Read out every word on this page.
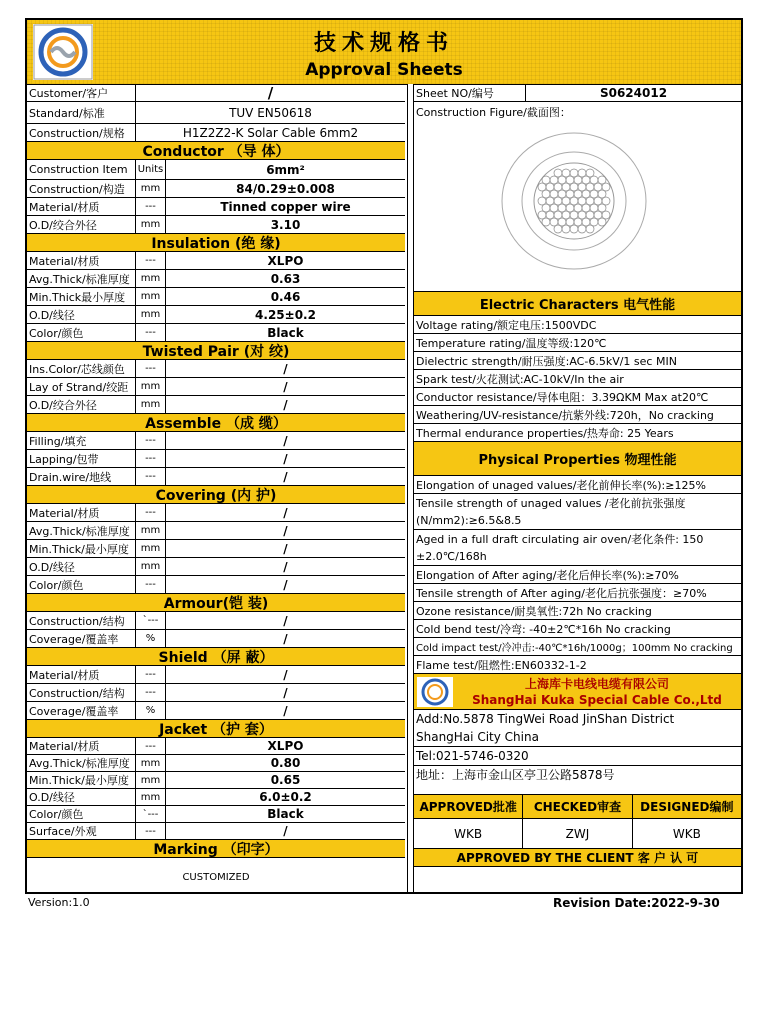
技术规格书
Approval Sheets
Customer/客户	/
Standard/标准	TUV EN50618
Construction/规格	H1Z2Z2-K Solar Cable 6mm2
Conductor （导 体）
Construction Item	Units	6mm²
Construction/构造	mm	84/0.29±0.008
Material/材质	---	Tinned copper wire
O.D/绞合外径	mm	3.10
Insulation (绝 缘)
Material/材质	---	XLPO
Avg.Thick/标准厚度	mm	0.63
Min.Thick最小厚度	mm	0.46
O.D/线径	mm	4.25±0.2
Color/颜色	---	Black
Twisted Pair (对 绞)
Ins.Color/芯线颜色	---	/
Lay of Strand/绞距	mm	/
O.D/绞合外径	mm	/
Assemble （成 缆）
Filling/填充	---	/
Lapping/包带	---	/
Drain.wire/地线	---	/
Covering (内 护)
Material/材质	---	/
Avg.Thick/标准厚度	mm	/
Min.Thick/最小厚度	mm	/
O.D/线径	mm	/
Color/颜色	---	/
Armour(铠 装)
Construction/结构	`---	/
Coverage/覆盖率	%	/
Shield （屏 蔽）
Material/材质	---	/
Construction/结构	---	/
Coverage/覆盖率	%	/
Jacket （护 套）
Material/材质	---	XLPO
Avg.Thick/标准厚度	mm	0.80
Min.Thick/最小厚度	mm	0.65
O.D/线径	mm	6.0±0.2
Color/颜色	`---	Black
Surface/外观	---	/
Marking （印字）
CUSTOMIZED
Sheet NO/编号	S0624012
Construction Figure/截面图：
Electric Characters 电气性能
Voltage rating/额定电压:1500VDC
Temperature rating/温度等级:120℃
Dielectric strength/耐压强度:AC-6.5kV/1 sec MIN
Spark test/火花测试:AC-10kV/In the air
Conductor resistance/导体电阻：3.39ΩKM Max at20℃
Weathering/UV-resistance/抗紫外线:720h，No cracking
Thermal endurance properties/热寿命: 25 Years
Physical Properties 物理性能
Elongation of unaged values/老化前伸长率(%):≥125%
Tensile strength of unaged values /老化前抗张强度
(N/mm2):≥6.5&8.5
Aged in a full draft circulating air oven/老化条件: 150
±2.0℃/168h
Elongation of After aging/老化后伸长率(%):≥70%
Tensile strength of After aging/老化后抗张强度：≥70%
Ozone resistance/耐臭氧性:72h No cracking
Cold bend test/冷弯: -40±2℃*16h No cracking
Cold impact test/冷冲击:-40℃*16h/1000g；100mm No cracking
Flame test/阻燃性:EN60332-1-2
上海库卡电线电缆有限公司
ShangHai Kuka Special Cable Co.,Ltd
Add:No.5878 TingWei Road JinShan District
ShangHai City China
Tel:021-5746-0320
地址：上海市金山区亭卫公路5878号
APPROVED批准	CHECKED审查	DESIGNED编制
WKB	ZWJ	WKB
APPROVED BY THE CLIENT 客 户 认 可
Version:1.0	Revision Date:2022-9-30
